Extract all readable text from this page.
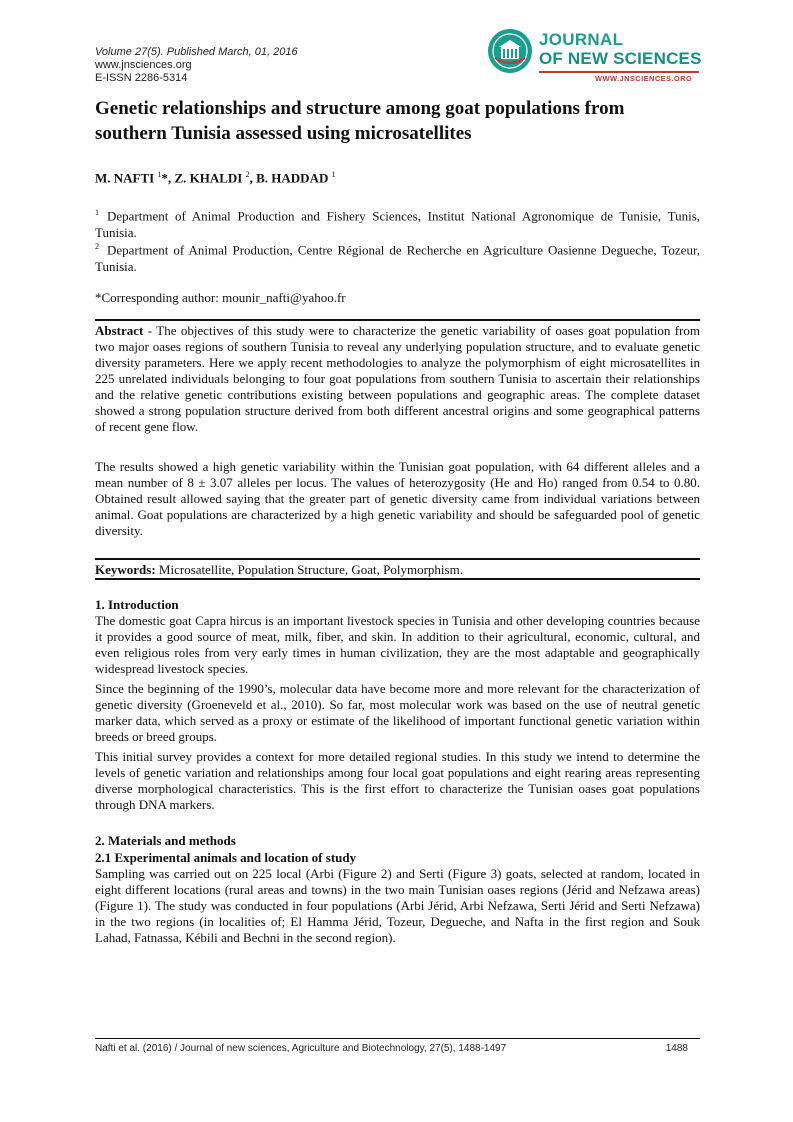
Volume 27(5). Published March, 01, 2016
www.jnsciences.org
E-ISSN 2286-5314
JOURNAL
OF NEW SCIENCES
WWW.JNSCIENCES.ORG
Genetic relationships and structure among goat populations from southern Tunisia assessed using microsatellites
M. NAFTI $^1$*, Z. KHALDI $^2$, B. HADDAD $^1$
$^1$ Department of Animal Production and Fishery Sciences, Institut National Agronomique de Tunisie, Tunis, Tunisia.
$^2$ Department of Animal Production, Centre Régional de Recherche en Agriculture Oasienne Degueche, Tozeur, Tunisia.
*Corresponding author: mounir_nafti@yahoo.fr

Abstract - The objectives of this study were to characterize the genetic variability of oases goat population from two major oases regions of southern Tunisia to reveal any underlying population structure, and to evaluate genetic diversity parameters. Here we apply recent methodologies to analyze the polymorphism of eight microsatellites in 225 unrelated individuals belonging to four goat populations from southern Tunisia to ascertain their relationships and the relative genetic contributions existing between populations and geographic areas. The complete dataset showed a strong population structure derived from both different ancestral origins and some geographical patterns of recent gene flow.

The results showed a high genetic variability within the Tunisian goat population, with 64 different alleles and a mean number of 8 ± 3.07 alleles per locus. The values of heterozygosity (He and Ho) ranged from 0.54 to 0.80. Obtained result allowed saying that the greater part of genetic diversity came from individual variations between animal. Goat populations are characterized by a high genetic variability and should be safeguarded pool of genetic diversity.

Keywords: Microsatellite, Population Structure, Goat, Polymorphism.

1. Introduction

The domestic goat Capra hircus is an important livestock species in Tunisia and other developing countries because it provides a good source of meat, milk, fiber, and skin. In addition to their agricultural, economic, cultural, and even religious roles from very early times in human civilization, they are the most adaptable and geographically widespread livestock species.

Since the beginning of the 1990’s, molecular data have become more and more relevant for the characterization of genetic diversity (Groeneveld et al., 2010). So far, most molecular work was based on the use of neutral genetic marker data, which served as a proxy or estimate of the likelihood of important functional genetic variation within breeds or breed groups.

This initial survey provides a context for more detailed regional studies. In this study we intend to determine the levels of genetic variation and relationships among four local goat populations and eight rearing areas representing diverse morphological characteristics. This is the first effort to characterize the Tunisian oases goat populations through DNA markers.

2. Materials and methods
2.1 Experimental animals and location of study

Sampling was carried out on 225 local (Arbi (Figure 2) and Serti (Figure 3) goats, selected at random, located in eight different locations (rural areas and towns) in the two main Tunisian oases regions (Jérid and Nefzawa areas) (Figure 1). The study was conducted in four populations (Arbi Jérid, Arbi Nefzawa, Serti Jérid and Serti Nefzawa) in the two regions (in localities of; El Hamma Jérid, Tozeur, Degueche, and Nafta in the first region and Souk Lahad, Fatnassa, Kébili and Bechni in the second region).

Nafti et al. (2016) / Journal of new sciences, Agriculture and Biotechnology, 27(5), 1488-1497	1488
